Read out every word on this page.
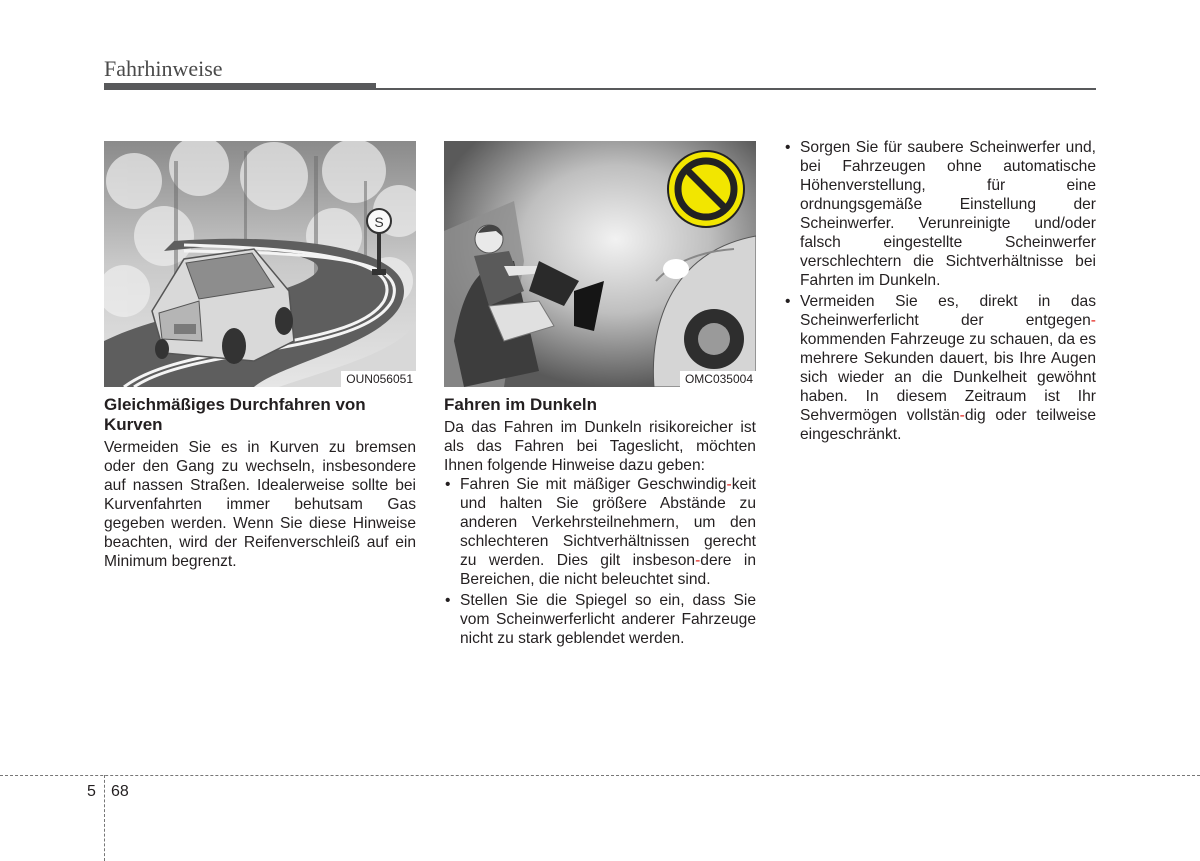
Fahrhinweise
S
OUN056051
Gleichmäßiges Durchfahren von Kurven

Vermeiden Sie es in Kurven zu bremsen oder den Gang zu wechseln, insbesondere auf nassen Straßen. Idealerweise sollte bei Kurvenfahrten immer behutsam Gas gegeben werden. Wenn Sie diese Hinweise beachten, wird der Reifenverschleiß auf ein Minimum begrenzt.

OMC035004
Fahren im Dunkeln

Da das Fahren im Dunkeln risikoreicher ist als das Fahren bei Tageslicht, möchten Ihnen folgende Hinweise dazu geben:

• Fahren Sie mit mäßiger Geschwindig-keit und halten Sie größere Abstände zu anderen Verkehrsteilnehmern, um den schlechteren Sichtverhältnissen gerecht zu werden. Dies gilt insbeson-dere in Bereichen, die nicht beleuchtet sind.
• Stellen Sie die Spiegel so ein, dass Sie vom Scheinwerferlicht anderer Fahrzeuge nicht zu stark geblendet werden.
• Sorgen Sie für saubere Scheinwerfer und, bei Fahrzeugen ohne automatische Höhenverstellung, für eine ordnungsgemäße Einstellung der Scheinwerfer. Verunreinigte und/oder falsch eingestellte Scheinwerfer verschlechtern die Sichtverhältnisse bei Fahrten im Dunkeln.
• Vermeiden Sie es, direkt in das Scheinwerferlicht der entgegen-kommenden Fahrzeuge zu schauen, da es mehrere Sekunden dauert, bis Ihre Augen sich wieder an die Dunkelheit gewöhnt haben. In diesem Zeitraum ist Ihr Sehvermögen vollstän-dig oder teilweise eingeschränkt.
5 68
